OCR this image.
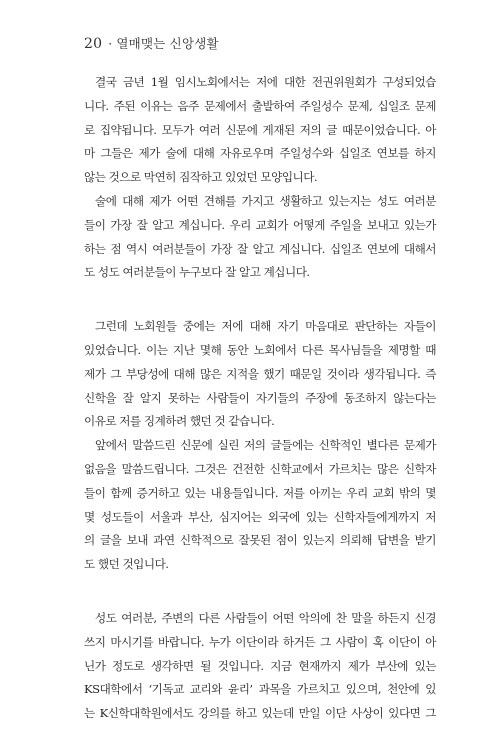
20 · 열매맺는 신앙생활

결국 금년 1월 임시노회에서는 저에 대한 전권위원회가 구성되었습
니다. 주된 이유는 음주 문제에서 출발하여 주일성수 문제, 십일조 문제
로 집약됩니다. 모두가 여러 신문에 게재된 저의 글 때문이었습니다. 아
마 그들은 제가 술에 대해 자유로우며 주일성수와 십일조 연보를 하지
않는 것으로 막연히 짐작하고 있었던 모양입니다.

술에 대해 제가 어떤 견해를 가지고 생활하고 있는지는 성도 여러분
들이 가장 잘 알고 계십니다. 우리 교회가 어떻게 주일을 보내고 있는가
하는 점 역시 여러분들이 가장 잘 알고 계십니다. 십일조 연보에 대해서
도 성도 여러분들이 누구보다 잘 알고 계십니다.

그런데 노회원들 중에는 저에 대해 자기 마음대로 판단하는 자들이
있었습니다. 이는 지난 몇해 동안 노회에서 다른 목사님들을 제명할 때
제가 그 부당성에 대해 많은 지적을 했기 때문일 것이라 생각됩니다. 즉
신학을 잘 알지 못하는 사람들이 자기들의 주장에 동조하지 않는다는
이유로 저를 징계하려 했던 것 같습니다.

앞에서 말씀드린 신문에 실린 저의 글들에는 신학적인 별다른 문제가
없음을 말씀드립니다. 그것은 건전한 신학교에서 가르치는 많은 신학자
들이 함께 증거하고 있는 내용들입니다. 저를 아끼는 우리 교회 밖의 몇
몇 성도들이 서울과 부산, 심지어는 외국에 있는 신학자들에게까지 저
의 글을 보내 과연 신학적으로 잘못된 점이 있는지 의뢰해 답변을 받기
도 했던 것입니다.

성도 여러분, 주변의 다른 사람들이 어떤 악의에 찬 말을 하든지 신경
쓰지 마시기를 바랍니다. 누가 이단이라 하거든 그 사람이 혹 이단이 아
닌가 정도로 생각하면 될 것입니다. 지금 현재까지 제가 부산에 있는
KS대학에서 ‘기독교 교리와 윤리’ 과목을 가르치고 있으며, 천안에 있
는 K신학대학원에서도 강의를 하고 있는데 만일 이단 사상이 있다면 그
